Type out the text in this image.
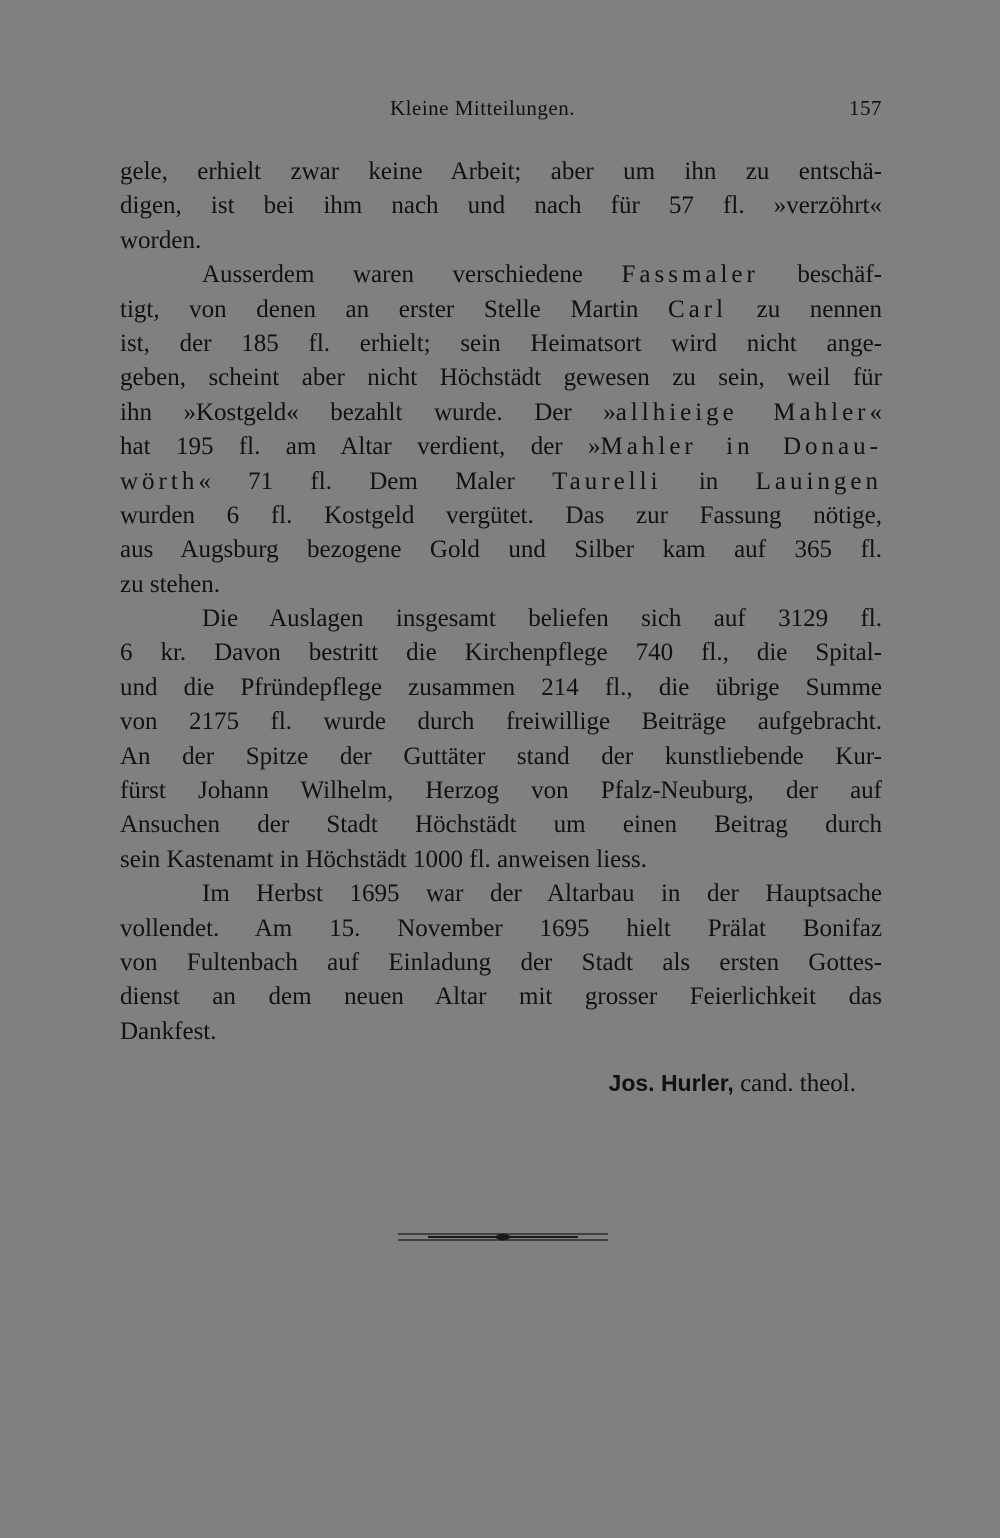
Kleine Mitteilungen.	157
gele, erhielt zwar keine Arbeit; aber um ihn zu entschä-
digen, ist bei ihm nach und nach für 57 fl. »verzöhrt«
worden.
Ausserdem waren verschiedene Fassmaler beschäf-
tigt, von denen an erster Stelle Martin Carl zu nennen
ist, der 185 fl. erhielt; sein Heimatsort wird nicht ange-
geben, scheint aber nicht Höchstädt gewesen zu sein, weil für
ihn »Kostgeld« bezahlt wurde. Der »allhieige Mahler«
hat 195 fl. am Altar verdient, der »Mahler in Donau-
wörth« 71 fl. Dem Maler Taurelli in Lauingen
wurden 6 fl. Kostgeld vergütet. Das zur Fassung nötige,
aus Augsburg bezogene Gold und Silber kam auf 365 fl.
zu stehen.
Die Auslagen insgesamt beliefen sich auf 3129 fl.
6 kr. Davon bestritt die Kirchenpflege 740 fl., die Spital-
und die Pfründepflege zusammen 214 fl., die übrige Summe
von 2175 fl. wurde durch freiwillige Beiträge aufgebracht.
An der Spitze der Guttäter stand der kunstliebende Kur-
fürst Johann Wilhelm, Herzog von Pfalz-Neuburg, der auf
Ansuchen der Stadt Höchstädt um einen Beitrag durch
sein Kastenamt in Höchstädt 1000 fl. anweisen liess.
Im Herbst 1695 war der Altarbau in der Hauptsache
vollendet. Am 15. November 1695 hielt Prälat Bonifaz
von Fultenbach auf Einladung der Stadt als ersten Gottes-
dienst an dem neuen Altar mit grosser Feierlichkeit das
Dankfest.
Jos. Hurler, cand. theol.
